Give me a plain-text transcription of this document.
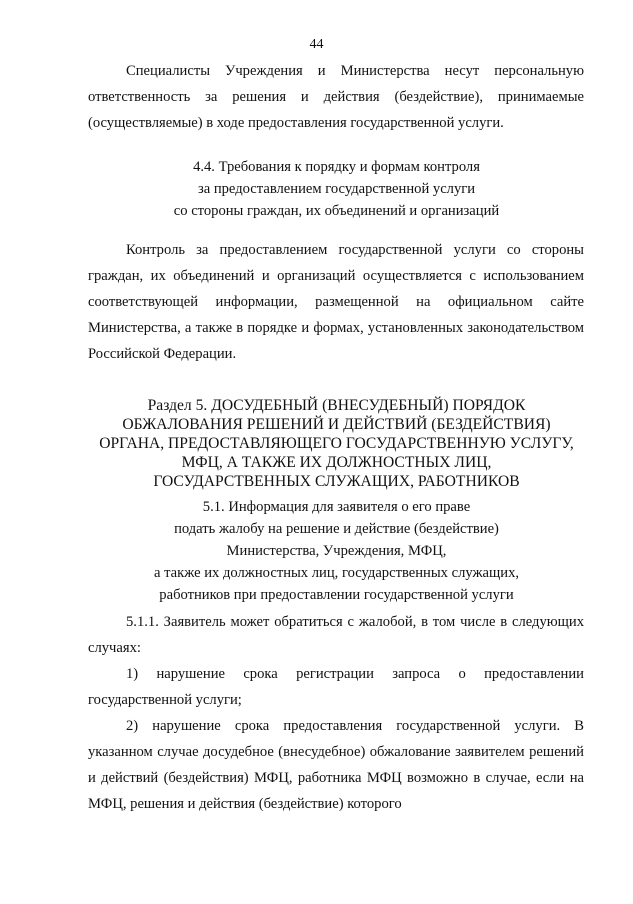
44
Специалисты Учреждения и Министерства несут персональную ответственность за решения и действия (бездействие), принимаемые (осуществляемые) в ходе предоставления государственной услуги.
4.4. Требования к порядку и формам контроля
за предоставлением государственной услуги
со стороны граждан, их объединений и организаций
Контроль за предоставлением государственной услуги со стороны граждан, их объединений и организаций осуществляется с использованием соответствующей информации, размещенной на официальном сайте Министерства, а также в порядке и формах, установленных законодательством Российской Федерации.
Раздел 5. ДОСУДЕБНЫЙ (ВНЕСУДЕБНЫЙ) ПОРЯДОК
ОБЖАЛОВАНИЯ РЕШЕНИЙ И ДЕЙСТВИЙ (БЕЗДЕЙСТВИЯ)
ОРГАНА, ПРЕДОСТАВЛЯЮЩЕГО ГОСУДАРСТВЕННУЮ УСЛУГУ,
МФЦ, А ТАКЖЕ ИХ ДОЛЖНОСТНЫХ ЛИЦ,
ГОСУДАРСТВЕННЫХ СЛУЖАЩИХ, РАБОТНИКОВ
5.1. Информация для заявителя о его праве
подать жалобу на решение и действие (бездействие)
Министерства, Учреждения, МФЦ,
а также их должностных лиц, государственных служащих,
работников при предоставлении государственной услуги
5.1.1. Заявитель может обратиться с жалобой, в том числе в следующих случаях:
1) нарушение срока регистрации запроса о предоставлении государственной услуги;
2) нарушение срока предоставления государственной услуги. В указанном случае досудебное (внесудебное) обжалование заявителем решений и действий (бездействия) МФЦ, работника МФЦ возможно в случае, если на МФЦ, решения и действия (бездействие) которого
